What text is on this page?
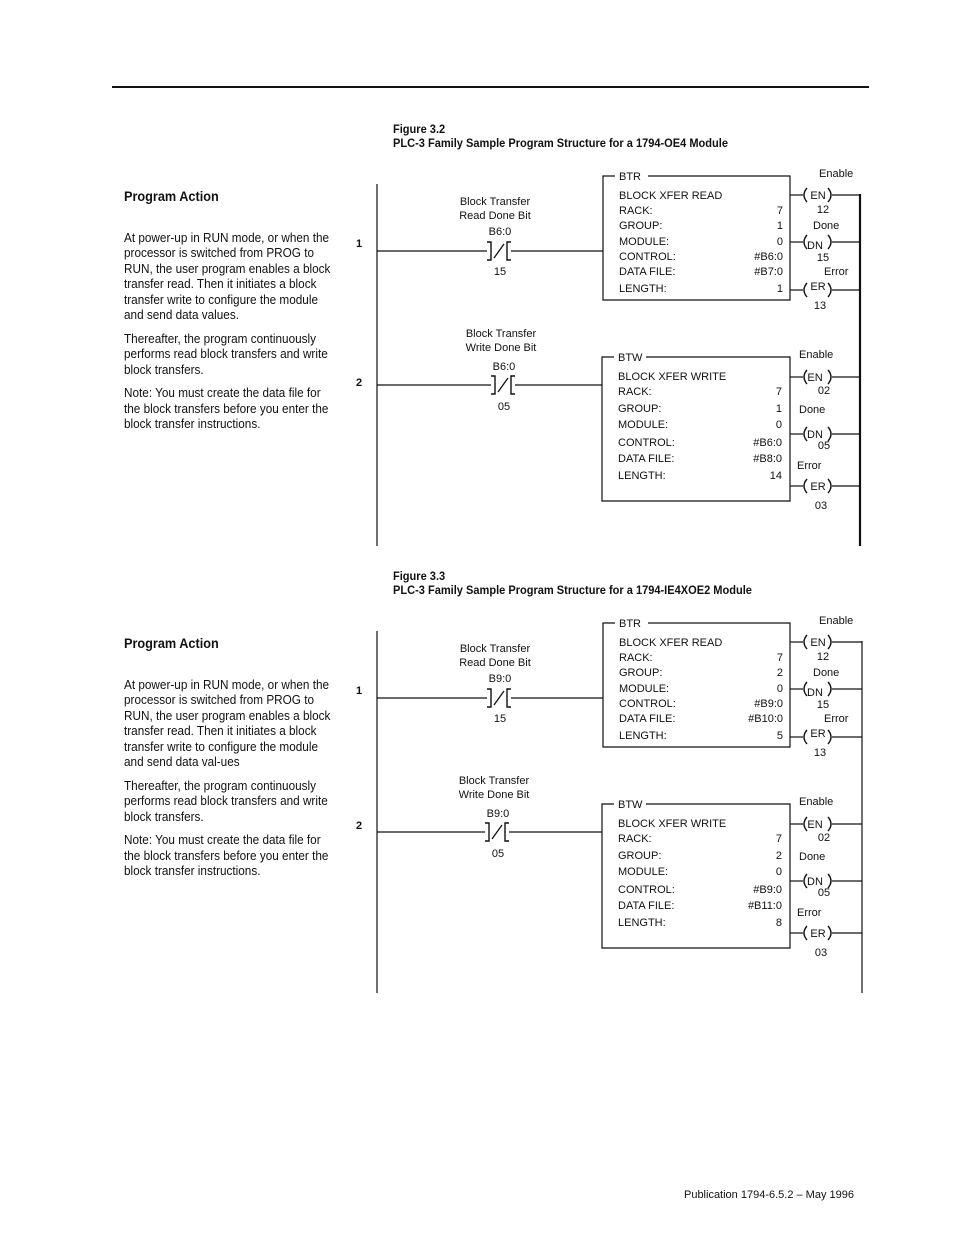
Figure 3.2
PLC-3 Family Sample Program Structure for a 1794-OE4 Module
Program Action

At power-up in RUN mode, or when the processor is switched from PROG to RUN, the user program enables a block transfer read. Then it initiates a block transfer write to configure the module and send data values.

Thereafter, the program continuously performs read block transfers and write block transfers.

Note: You must create the data file for the block transfers before you enter the block transfer instructions.

1
Block Transfer
Read Done Bit
B6:0
15
BTR
BLOCK XFER READ
RACK:	7
GROUP:	1
MODULE:	0
CONTROL:	#B6:0
DATA FILE:	#B7:0
LENGTH:	1
EN
Enable
12
DN
Done
15
ER
Error
13
2
Block Transfer
Write Done Bit
B6:0
05
BTW
BLOCK XFER WRITE
RACK:	7
GROUP:	1
MODULE:	0
CONTROL:	#B6:0
DATA FILE:	#B8:0
LENGTH:	14
EN
Enable
02
DN
Done
05
ER
Error
03
Figure 3.3
PLC-3 Family Sample Program Structure for a 1794-IE4XOE2 Module
Program Action

At power-up in RUN mode, or when the processor is switched from PROG to RUN, the user program enables a block transfer read. Then it initiates a block transfer write to configure the module and send data val-ues

Thereafter, the program continuously performs read block transfers and write block transfers.

Note: You must create the data file for the block transfers before you enter the block transfer instructions.

1
Block Transfer
Read Done Bit
B9:0
15
BTR
BLOCK XFER READ
RACK:	7
GROUP:	2
MODULE:	0
CONTROL:	#B9:0
DATA FILE:	#B10:0
LENGTH:	5
EN
Enable
12
DN
Done
15
ER
Error
13
2
Block Transfer
Write Done Bit
B9:0
05
BTW
BLOCK XFER WRITE
RACK:	7
GROUP:	2
MODULE:	0
CONTROL:	#B9:0
DATA FILE:	#B11:0
LENGTH:	8
EN
Enable
02
DN
Done
05
ER
Error
03
Publication 1794-6.5.2 – May 1996
